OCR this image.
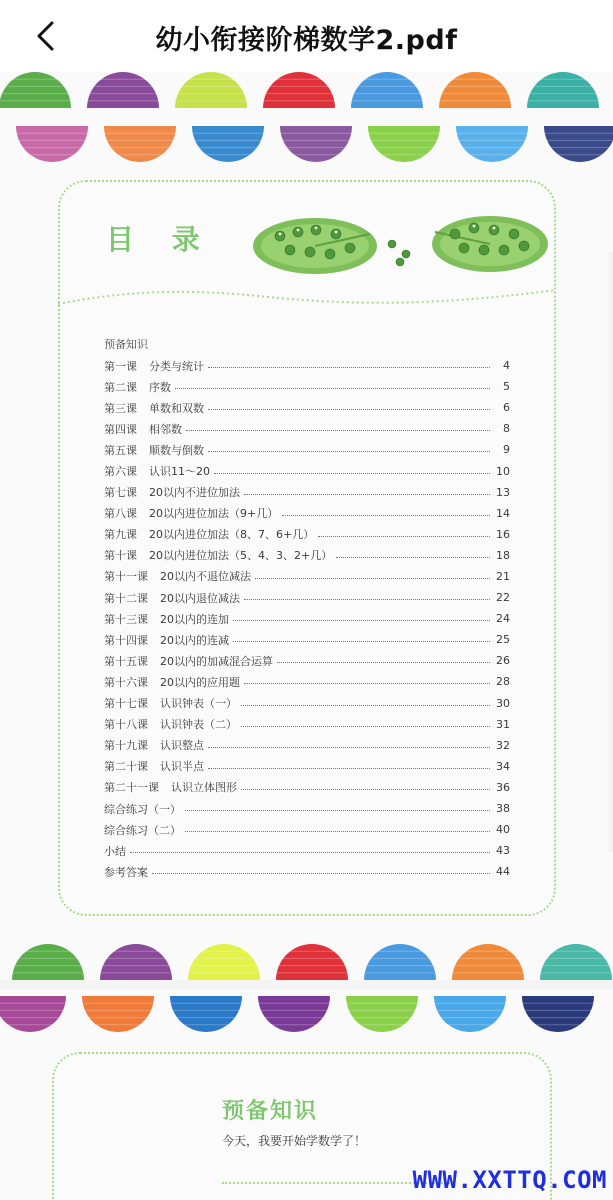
幼小衔接阶梯数学2.pdf
目 录
预备知识
第一课 分类与统计	4
第二课 序数	5
第三课 单数和双数	6
第四课 相邻数	8
第五课 顺数与倒数	9
第六课 认识11～20	10
第七课 20以内不进位加法	13
第八课 20以内进位加法（9+几）	14
第九课 20以内进位加法（8、7、6+几）	16
第十课 20以内进位加法（5、4、3、2+几）	18
第十一课 20以内不退位减法	21
第十二课 20以内退位减法	22
第十三课 20以内的连加	24
第十四课 20以内的连减	25
第十五课 20以内的加减混合运算	26
第十六课 20以内的应用题	28
第十七课 认识钟表（一）	30
第十八课 认识钟表（二）	31
第十九课 认识整点	32
第二十课 认识半点	34
第二十一课 认识立体图形	36
综合练习（一）	38
综合练习（二）	40
小结	43
参考答案	44
预备知识
今天，我要开始学数学了！
WWW.XXTTQ.COM
